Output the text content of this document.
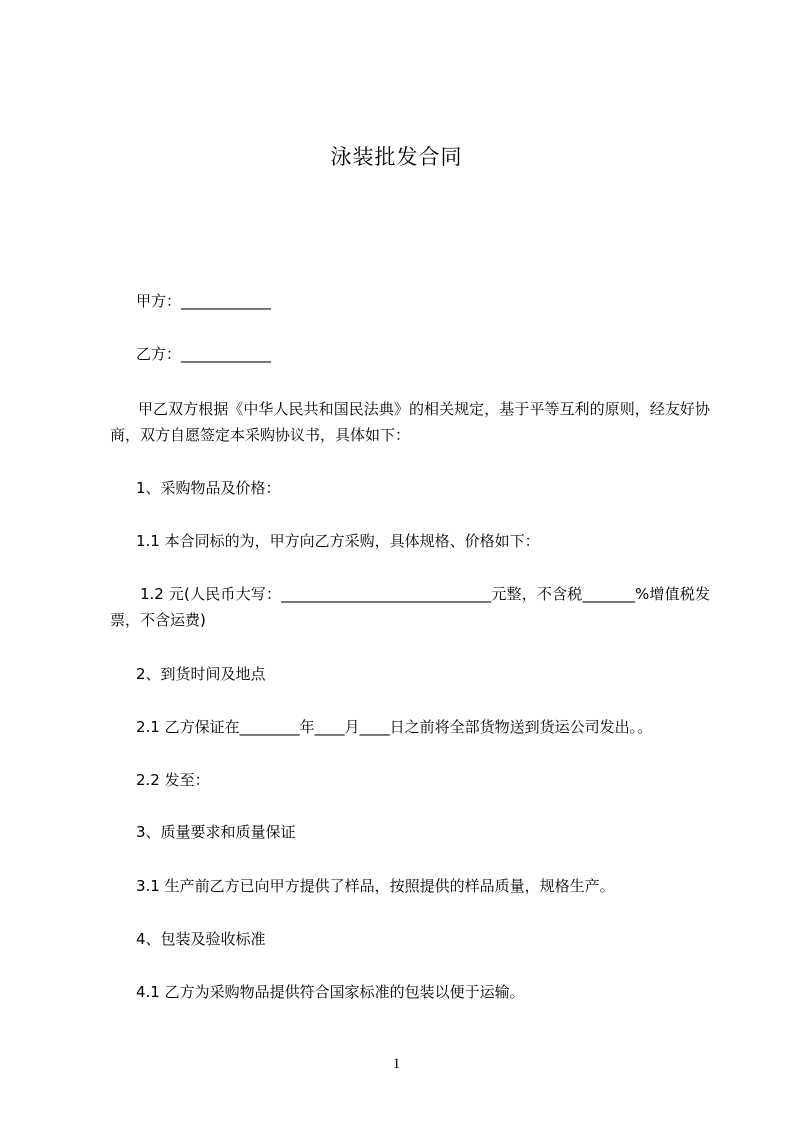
泳装批发合同
甲方：____________
乙方：____________
甲乙双方根据《中华人民共和国民法典》的相关规定，基于平等互利的原则，经友好协商，双方自愿签定本采购协议书，具体如下：
1、采购物品及价格：
1.1 本合同标的为，甲方向乙方采购，具体规格、价格如下：
1.2 元(人民币大写：____________________________元整，不含税_______%增值税发票，不含运费)
2、到货时间及地点
2.1 乙方保证在________年____月____日之前将全部货物送到货运公司发出。。
2.2 发至：
3、质量要求和质量保证
3.1 生产前乙方已向甲方提供了样品，按照提供的样品质量，规格生产。
4、包装及验收标准
4.1 乙方为采购物品提供符合国家标准的包装以便于运输。
1
